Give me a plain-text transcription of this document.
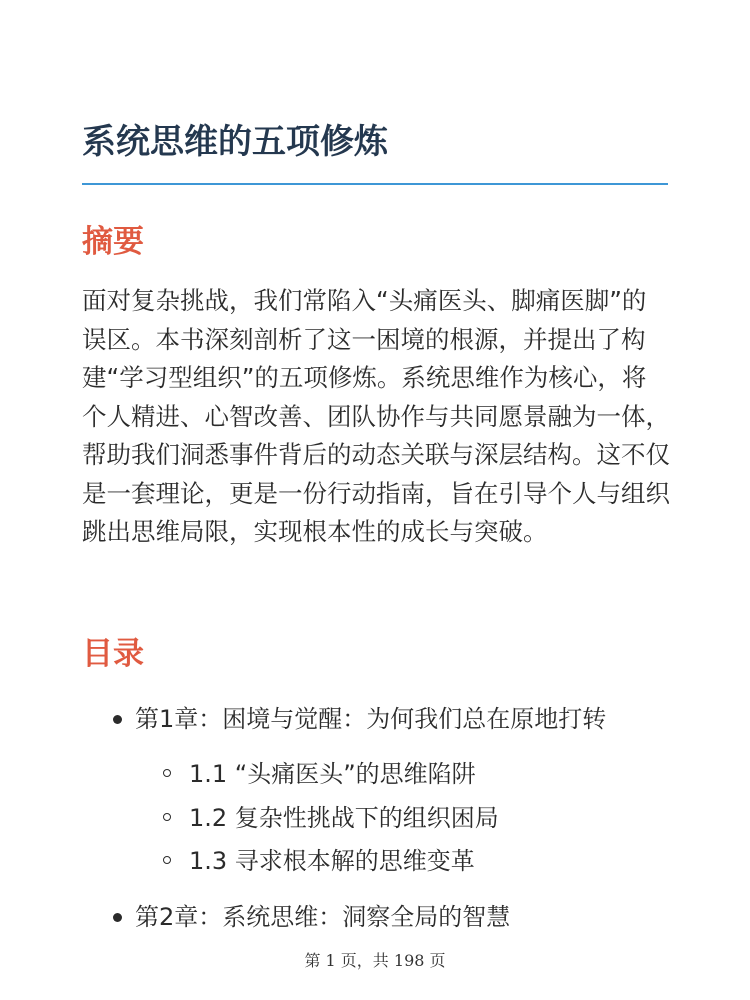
系统思维的五项修炼
摘要

面对复杂挑战，我们常陷入“头痛医头、脚痛医脚”的误区。本书深刻剖析了这一困境的根源，并提出了构建“学习型组织”的五项修炼。系统思维作为核心，将个人精进、心智改善、团队协作与共同愿景融为一体，帮助我们洞悉事件背后的动态关联与深层结构。这不仅是一套理论，更是一份行动指南，旨在引导个人与组织跳出思维局限，实现根本性的成长与突破。

目录
第1章：困境与觉醒：为何我们总在原地打转
1.1 “头痛医头”的思维陷阱
1.2 复杂性挑战下的组织困局
1.3 寻求根本解的思维变革
第2章：系统思维：洞察全局的智慧
第 1 页，共 198 页
